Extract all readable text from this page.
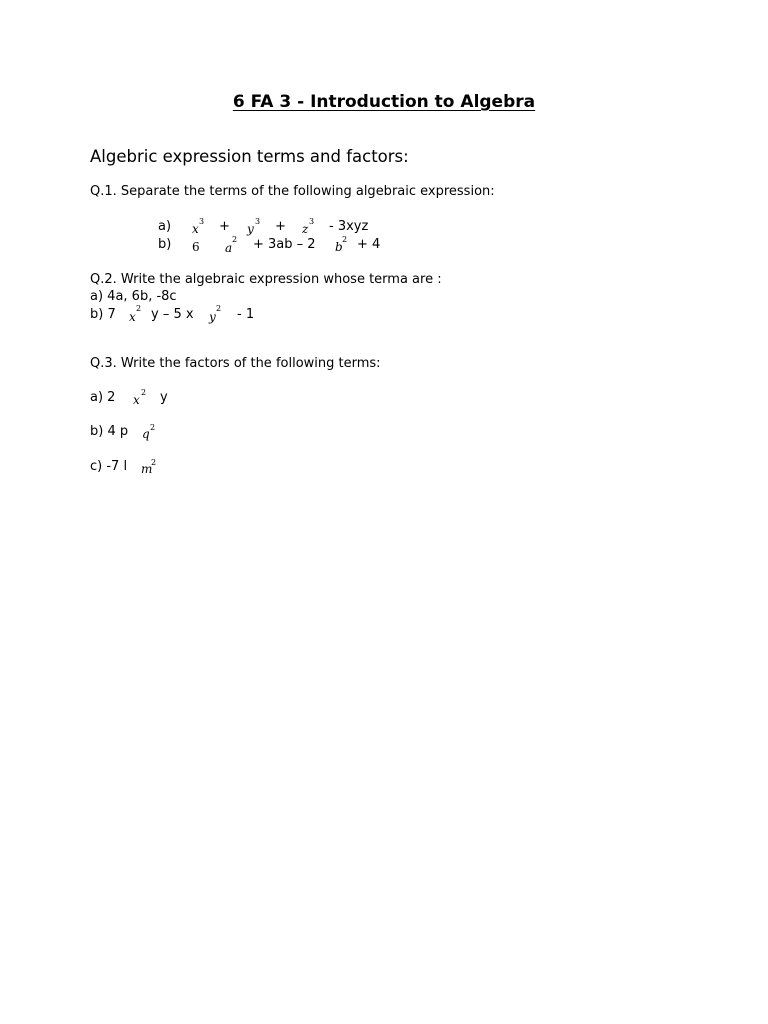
6 FA 3 - Introduction to Algebra
Algebric expression terms and factors:
Q.1. Separate the terms of the following algebraic expression:
a) x
3 + y
3 + z
3 - 3xyz
b) 6 a
2 + 3ab – 2 b
2 + 4
Q.2. Write the algebraic expression whose terma are :
a) 4a, 6b, -8c
b) 7 x
2 y – 5 x y
2 - 1
Q.3. Write the factors of the following terms:
a) 2 x
2 y
b) 4 p q 2
c) -7 l m
2
